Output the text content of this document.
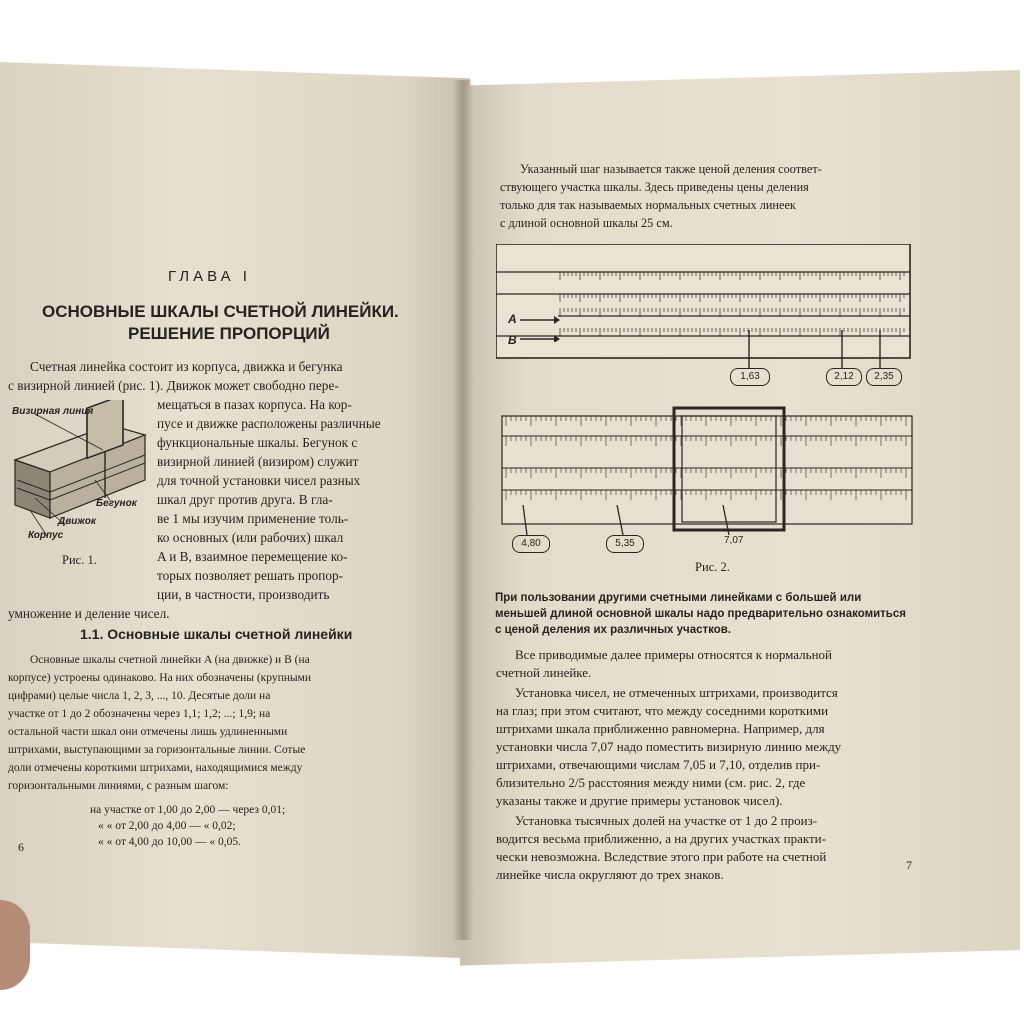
ГЛАВА I
ОСНОВНЫЕ ШКАЛЫ СЧЕТНОЙ ЛИНЕЙКИ.
РЕШЕНИЕ ПРОПОРЦИЙ
Счетная линейка состоит из корпуса, движка и бегунка
с визирной линией (рис. 1). Движок может свободно пере-
мещаться в пазах корпуса. На кор-
пусе и движке расположены различные
функциональные шкалы. Бегунок с
визирной линией (визиром) служит
для точной установки чисел разных
шкал друг против друга. В гла-
ве 1 мы изучим применение толь-
ко основных (или рабочих) шкал
A и B, взаимное перемещение ко-
торых позволяет решать пропор-
ции, в частности, производить
умножение и деление чисел.
Визирная линия
Бегунок
Движок
Корпус
Рис. 1.
1.1. Основные шкалы счетной линейки
Основные шкалы счетной линейки A (на движке) и B (на
корпусе) устроены одинаково. На них обозначены (крупными
цифрами) целые числа 1, 2, 3, ..., 10. Десятые доли на
участке от 1 до 2 обозначены через 1,1; 1,2; ...; 1,9; на
остальной части шкал они отмечены лишь удлиненными
штрихами, выступающими за горизонтальные линии. Сотые
доли отмечены короткими штрихами, находящимися между
горизонтальными линиями, с разным шагом:
на участке от 1,00 до 2,00 — через 0,01;
« « от 2,00 до 4,00 — « 0,02;
« « от 4,00 до 10,00 — « 0,05.
6
Указанный шаг называется также ценой деления соответ-
ствующего участка шкалы. Здесь приведены цены деления
только для так называемых нормальных счетных линеек
с длиной основной шкалы 25 см.
A
B
1,63	2,12	2,35
4,80	5,35	7,07
Рис. 2.
При пользовании другими счетными линейками с большей или
меньшей длиной основной шкалы надо предварительно ознакомиться
с ценой деления их различных участков.
Все приводимые далее примеры относятся к нормальной
счетной линейке.
Установка чисел, не отмеченных штрихами, производится
на глаз; при этом считают, что между соседними короткими
штрихами шкала приближенно равномерна. Например, для
установки числа 7,07 надо поместить визирную линию между
штрихами, отвечающими числам 7,05 и 7,10, отделив при-
близительно 2/5 расстояния между ними (см. рис. 2, где
указаны также и другие примеры установок чисел).
Установка тысячных долей на участке от 1 до 2 произ-
водится весьма приближенно, а на других участках практи-
чески невозможна. Вследствие этого при работе на счетной
линейке числа округляют до трех знаков.
7
